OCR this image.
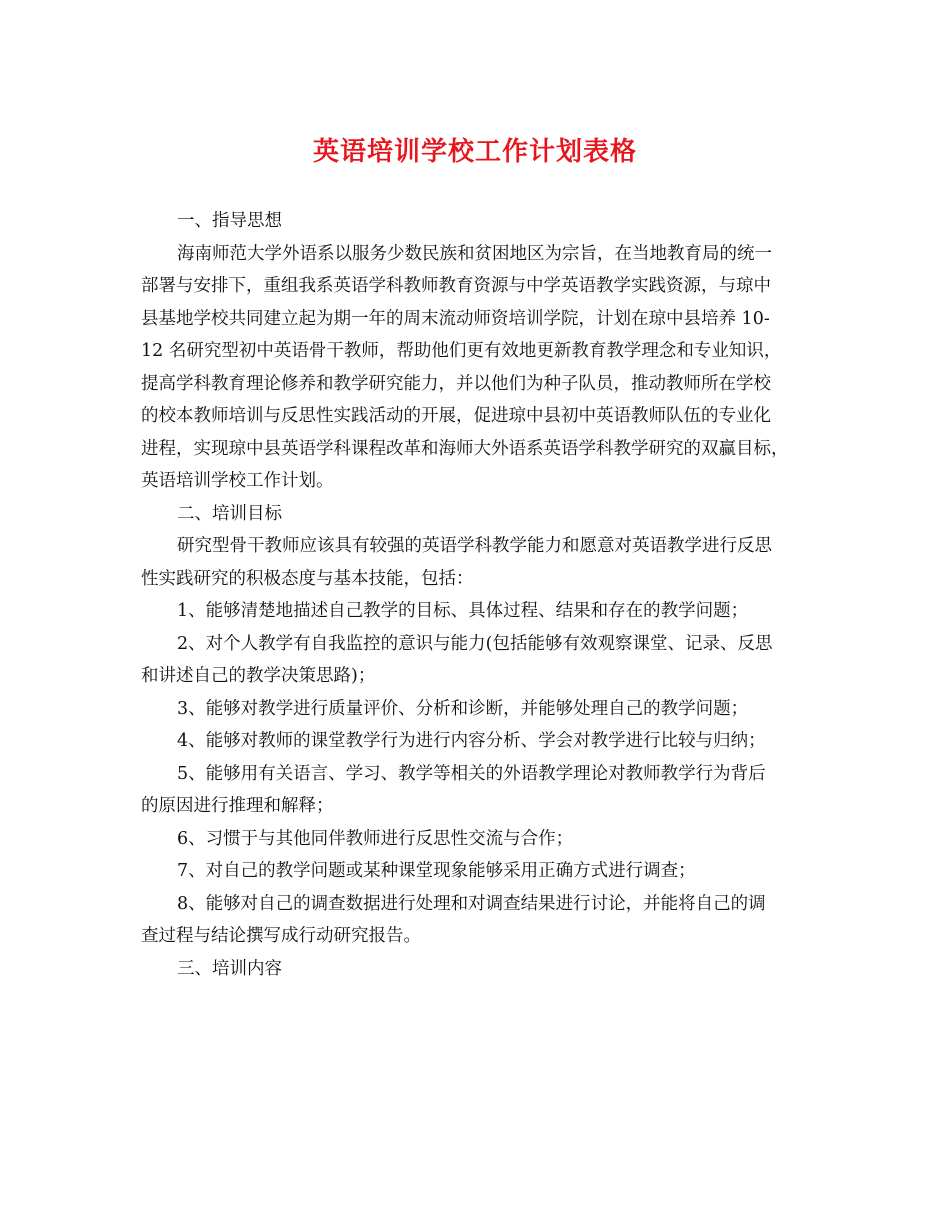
英语培训学校工作计划表格
一、指导思想
海南师范大学外语系以服务少数民族和贫困地区为宗旨，在当地教育局的统一
部署与安排下，重组我系英语学科教师教育资源与中学英语教学实践资源，与琼中
县基地学校共同建立起为期一年的周末流动师资培训学院，计划在琼中县培养 10-
12 名研究型初中英语骨干教师，帮助他们更有效地更新教育教学理念和专业知识，
提高学科教育理论修养和教学研究能力，并以他们为种子队员，推动教师所在学校
的校本教师培训与反思性实践活动的开展，促进琼中县初中英语教师队伍的专业化
进程，实现琼中县英语学科课程改革和海师大外语系英语学科教学研究的双赢目标，
英语培训学校工作计划。
二、培训目标
研究型骨干教师应该具有较强的英语学科教学能力和愿意对英语教学进行反思
性实践研究的积极态度与基本技能，包括：
1、能够清楚地描述自己教学的目标、具体过程、结果和存在的教学问题；
2、对个人教学有自我监控的意识与能力(包括能够有效观察课堂、记录、反思
和讲述自己的教学决策思路)；
3、能够对教学进行质量评价、分析和诊断，并能够处理自己的教学问题；
4、能够对教师的课堂教学行为进行内容分析、学会对教学进行比较与归纳；
5、能够用有关语言、学习、教学等相关的外语教学理论对教师教学行为背后
的原因进行推理和解释；
6、习惯于与其他同伴教师进行反思性交流与合作；
7、对自己的教学问题或某种课堂现象能够采用正确方式进行调查；
8、能够对自己的调查数据进行处理和对调查结果进行讨论，并能将自己的调
查过程与结论撰写成行动研究报告。
三、培训内容
